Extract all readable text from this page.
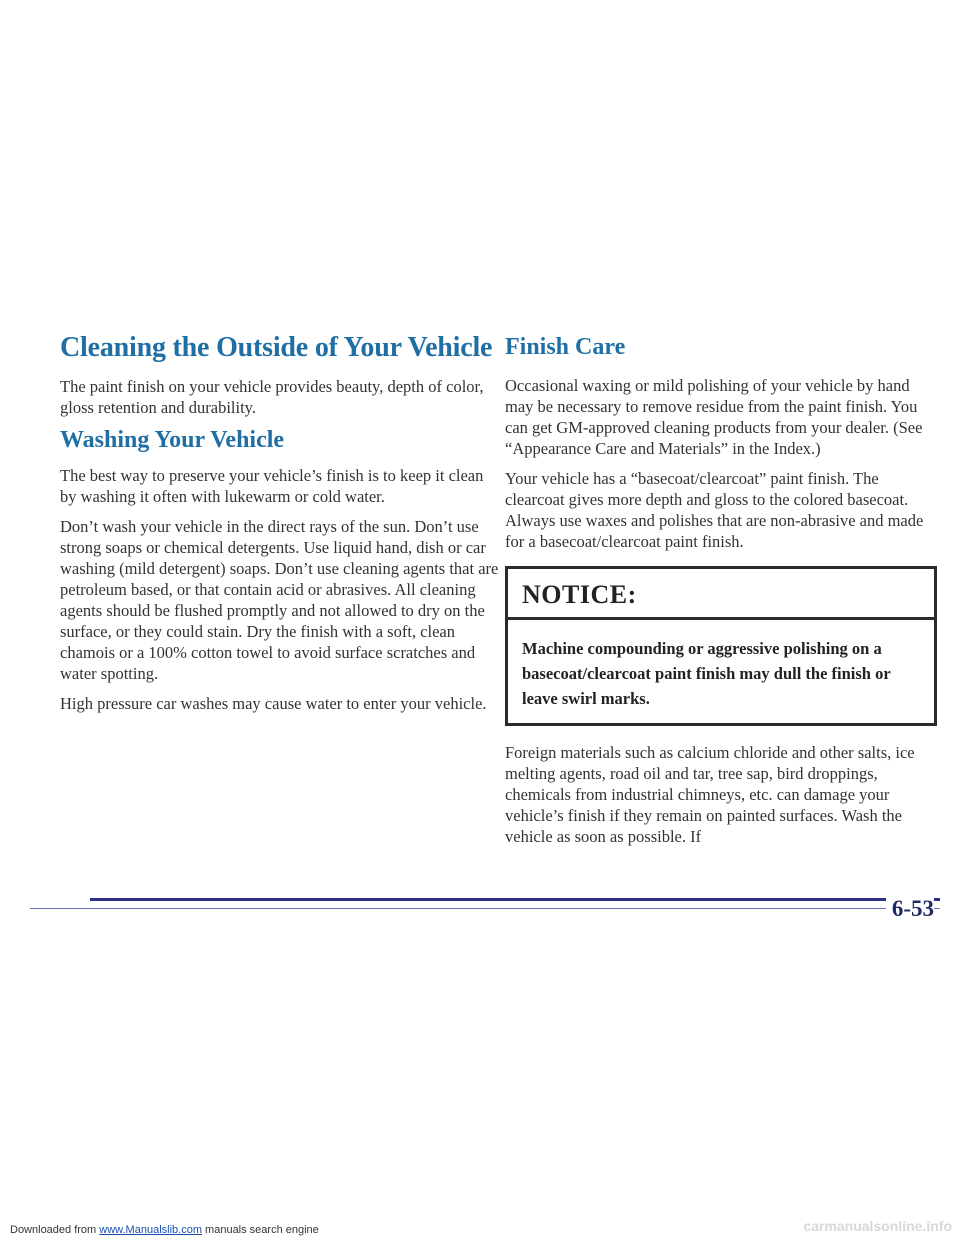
Cleaning the Outside of Your Vehicle

The paint finish on your vehicle provides beauty, depth of color, gloss retention and durability.

Washing Your Vehicle

The best way to preserve your vehicle’s finish is to keep it clean by washing it often with lukewarm or cold water.

Don’t wash your vehicle in the direct rays of the sun. Don’t use strong soaps or chemical detergents. Use liquid hand, dish or car washing (mild detergent) soaps. Don’t use cleaning agents that are petroleum based, or that contain acid or abrasives. All cleaning agents should be flushed promptly and not allowed to dry on the surface, or they could stain. Dry the finish with a soft, clean chamois or a 100% cotton towel to avoid surface scratches and water spotting.

High pressure car washes may cause water to enter your vehicle.

Finish Care

Occasional waxing or mild polishing of your vehicle by hand may be necessary to remove residue from the paint finish. You can get GM-approved cleaning products from your dealer. (See “Appearance Care and Materials” in the Index.)

Your vehicle has a “basecoat/clearcoat” paint finish. The clearcoat gives more depth and gloss to the colored basecoat. Always use waxes and polishes that are non-abrasive and made for a basecoat/clearcoat paint finish.

NOTICE:
Machine compounding or aggressive polishing on a basecoat/clearcoat paint finish may dull the finish or leave swirl marks.

Foreign materials such as calcium chloride and other salts, ice melting agents, road oil and tar, tree sap, bird droppings, chemicals from industrial chimneys, etc. can damage your vehicle’s finish if they remain on painted surfaces. Wash the vehicle as soon as possible. If

6-53
Downloaded from www.Manualslib.com manuals search engine	carmanualsonline.info
